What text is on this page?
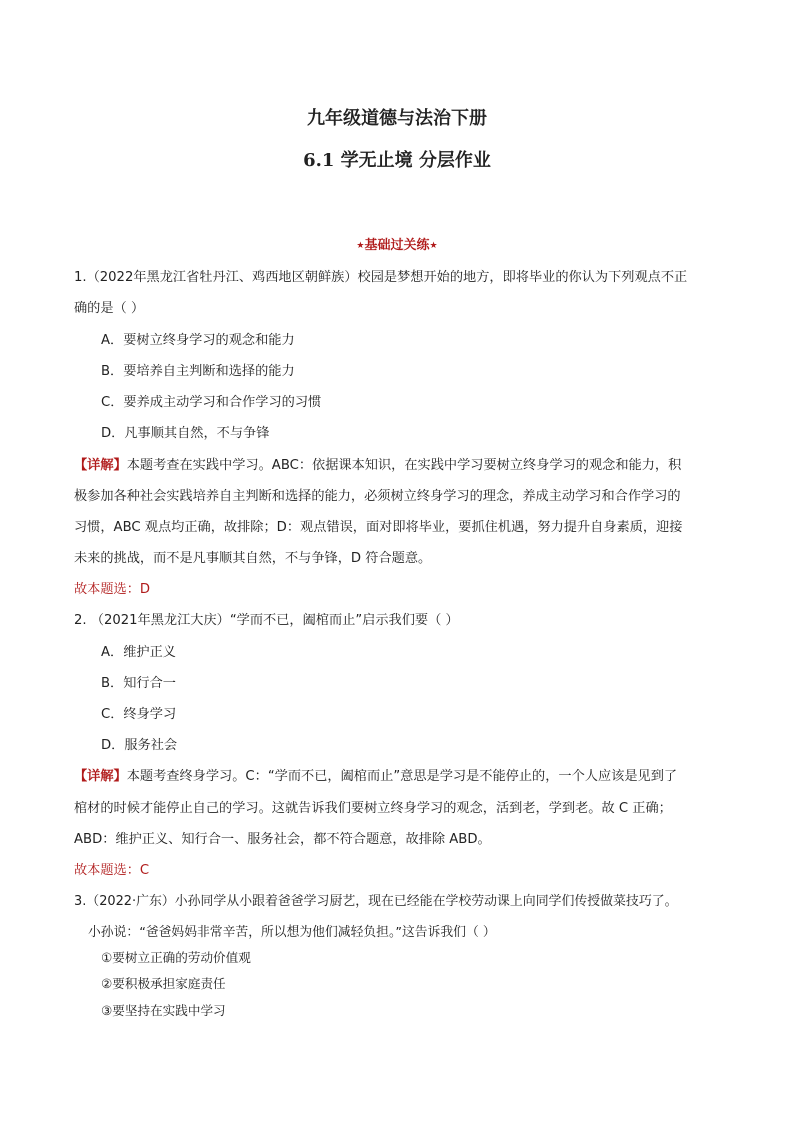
九年级道德与法治下册
6.1 学无止境 分层作业
★基础过关练★
1.（2022年黑龙江省牡丹江、鸡西地区朝鲜族）校园是梦想开始的地方，即将毕业的你认为下列观点不正
确的是（ ）
A．要树立终身学习的观念和能力
B．要培养自主判断和选择的能力
C．要养成主动学习和合作学习的习惯
D．凡事顺其自然，不与争锋
【详解】本题考查在实践中学习。ABC：依据课本知识，在实践中学习要树立终身学习的观念和能力，积
极参加各种社会实践培养自主判断和选择的能力，必须树立终身学习的理念，养成主动学习和合作学习的
习惯，ABC 观点均正确，故排除；D：观点错误，面对即将毕业，要抓住机遇，努力提升自身素质，迎接
未来的挑战，而不是凡事顺其自然，不与争锋，D 符合题意。
故本题选：D
2. （2021年黑龙江大庆）“学而不已，阖棺而止”启示我们要（ ）
A．维护正义
B．知行合一
C．终身学习
D．服务社会
【详解】本题考查终身学习。C：“学而不已，阖棺而止”意思是学习是不能停止的，一个人应该是见到了
棺材的时候才能停止自己的学习。这就告诉我们要树立终身学习的观念，活到老，学到老。故 C 正确；
ABD：维护正义、知行合一、服务社会，都不符合题意，故排除 ABD。
故本题选：C
3.（2022·广东）小孙同学从小跟着爸爸学习厨艺，现在已经能在学校劳动课上向同学们传授做菜技巧了。
小孙说：“爸爸妈妈非常辛苦，所以想为他们减轻负担。”这告诉我们（ ）
①要树立正确的劳动价值观
②要积极承担家庭责任
③要坚持在实践中学习
